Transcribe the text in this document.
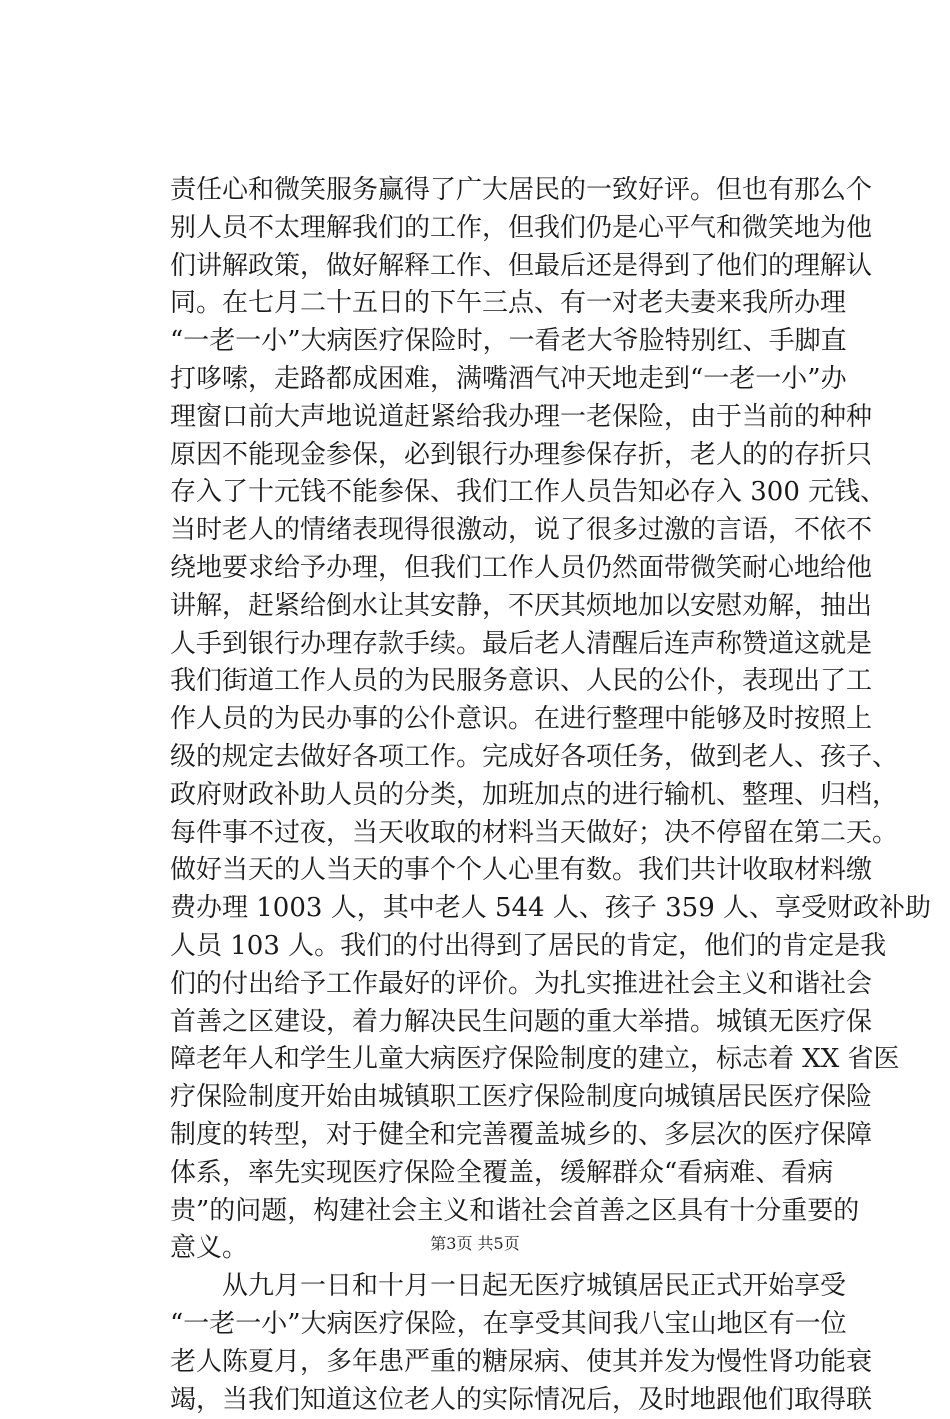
责任心和微笑服务赢得了广大居民的一致好评。但也有那么个
别人员不太理解我们的工作，但我们仍是心平气和微笑地为他
们讲解政策，做好解释工作、但最后还是得到了他们的理解认
同。在七月二十五日的下午三点、有一对老夫妻来我所办理
“一老一小”大病医疗保险时，一看老大爷脸特别红、手脚直
打哆嗦，走路都成困难，满嘴酒气冲天地走到“一老一小”办
理窗口前大声地说道赶紧给我办理一老保险，由于当前的种种
原因不能现金参保，必到银行办理参保存折，老人的的存折只
存入了十元钱不能参保、我们工作人员告知必存入 300 元钱、
当时老人的情绪表现得很激动，说了很多过激的言语，不依不
绕地要求给予办理，但我们工作人员仍然面带微笑耐心地给他
讲解，赶紧给倒水让其安静，不厌其烦地加以安慰劝解，抽出
人手到银行办理存款手续。最后老人清醒后连声称赞道这就是
我们街道工作人员的为民服务意识、人民的公仆，表现出了工
作人员的为民办事的公仆意识。在进行整理中能够及时按照上
级的规定去做好各项工作。完成好各项任务，做到老人、孩子、
政府财政补助人员的分类，加班加点的进行输机、整理、归档，
每件事不过夜，当天收取的材料当天做好；决不停留在第二天。
做好当天的人当天的事个个人心里有数。我们共计收取材料缴
费办理 1003 人，其中老人 544 人、孩子 359 人、享受财政补助
人员 103 人。我们的付出得到了居民的肯定，他们的肯定是我
们的付出给予工作最好的评价。为扎实推进社会主义和谐社会
首善之区建设，着力解决民生问题的重大举措。城镇无医疗保
障老年人和学生儿童大病医疗保险制度的建立，标志着 XX 省医
疗保险制度开始由城镇职工医疗保险制度向城镇居民医疗保险
制度的转型，对于健全和完善覆盖城乡的、多层次的医疗保障
体系，率先实现医疗保险全覆盖，缓解群众“看病难、看病
贵”的问题，构建社会主义和谐社会首善之区具有十分重要的
意义。
　　从九月一日和十月一日起无医疗城镇居民正式开始享受
“一老一小”大病医疗保险，在享受其间我八宝山地区有一位
老人陈夏月，多年患严重的糖尿病、使其并发为慢性肾功能衰
竭，当我们知道这位老人的实际情况后，及时地跟他们取得联
第3页 共5页
